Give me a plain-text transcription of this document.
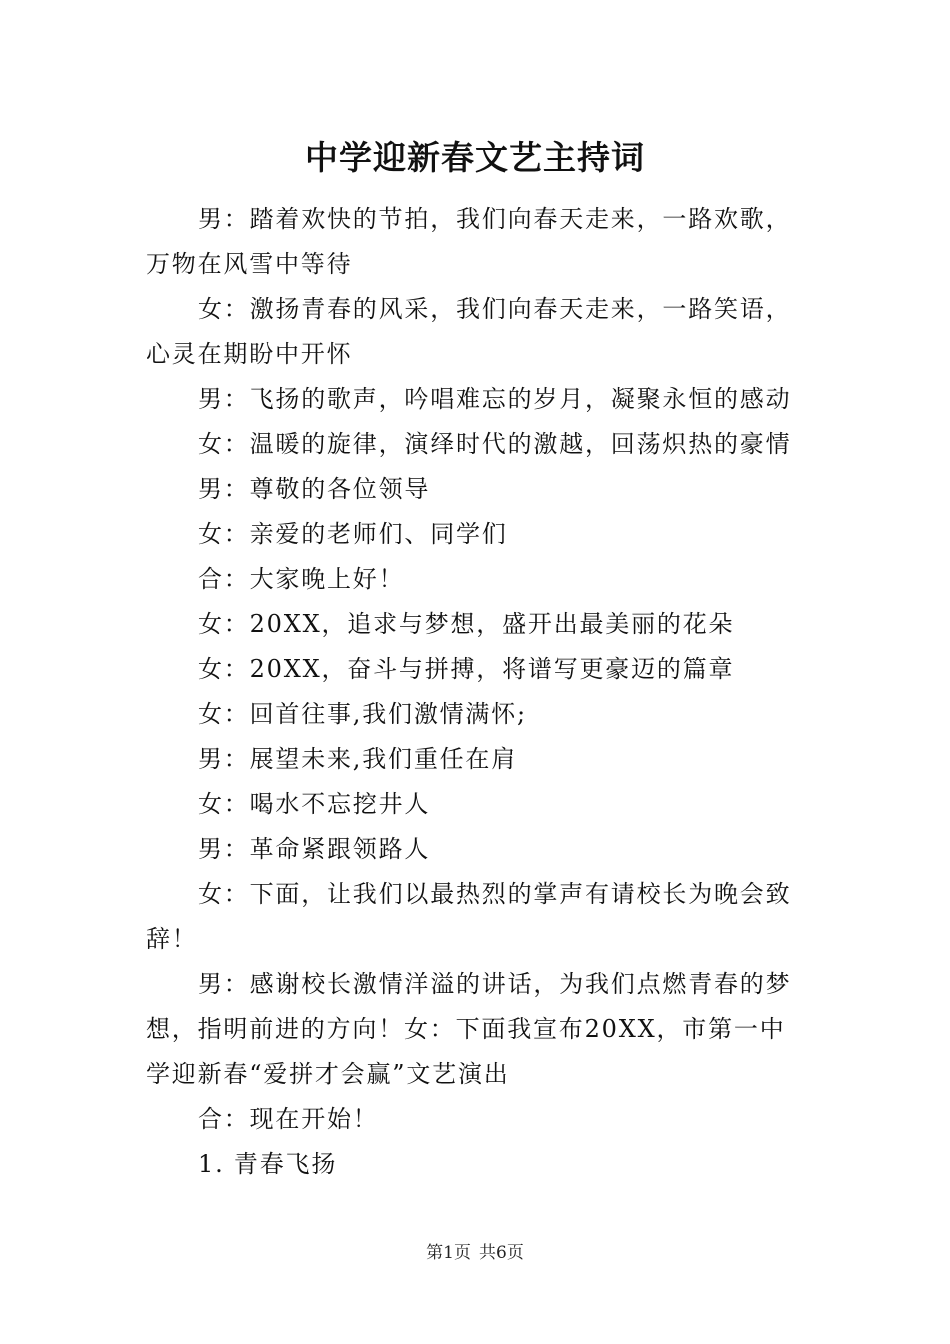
中学迎新春文艺主持词

男：踏着欢快的节拍，我们向春天走来，一路欢歌，万物在风雪中等待

女：激扬青春的风采，我们向春天走来，一路笑语，心灵在期盼中开怀

男：飞扬的歌声，吟唱难忘的岁月，凝聚永恒的感动

女：温暖的旋律，演绎时代的激越，回荡炽热的豪情

男：尊敬的各位领导

女：亲爱的老师们、同学们

合：大家晚上好！

女：20XX，追求与梦想，盛开出最美丽的花朵

女：20XX，奋斗与拼搏，将谱写更豪迈的篇章

女：回首往事,我们激情满怀;

男：展望未来,我们重任在肩

女：喝水不忘挖井人

男：革命紧跟领路人

女：下面，让我们以最热烈的掌声有请校长为晚会致辞！

男：感谢校长激情洋溢的讲话，为我们点燃青春的梦想，指明前进的方向！女：下面我宣布20XX，市第一中学迎新春“爱拼才会赢”文艺演出

合：现在开始！

1. 青春飞扬

第1页 共6页
